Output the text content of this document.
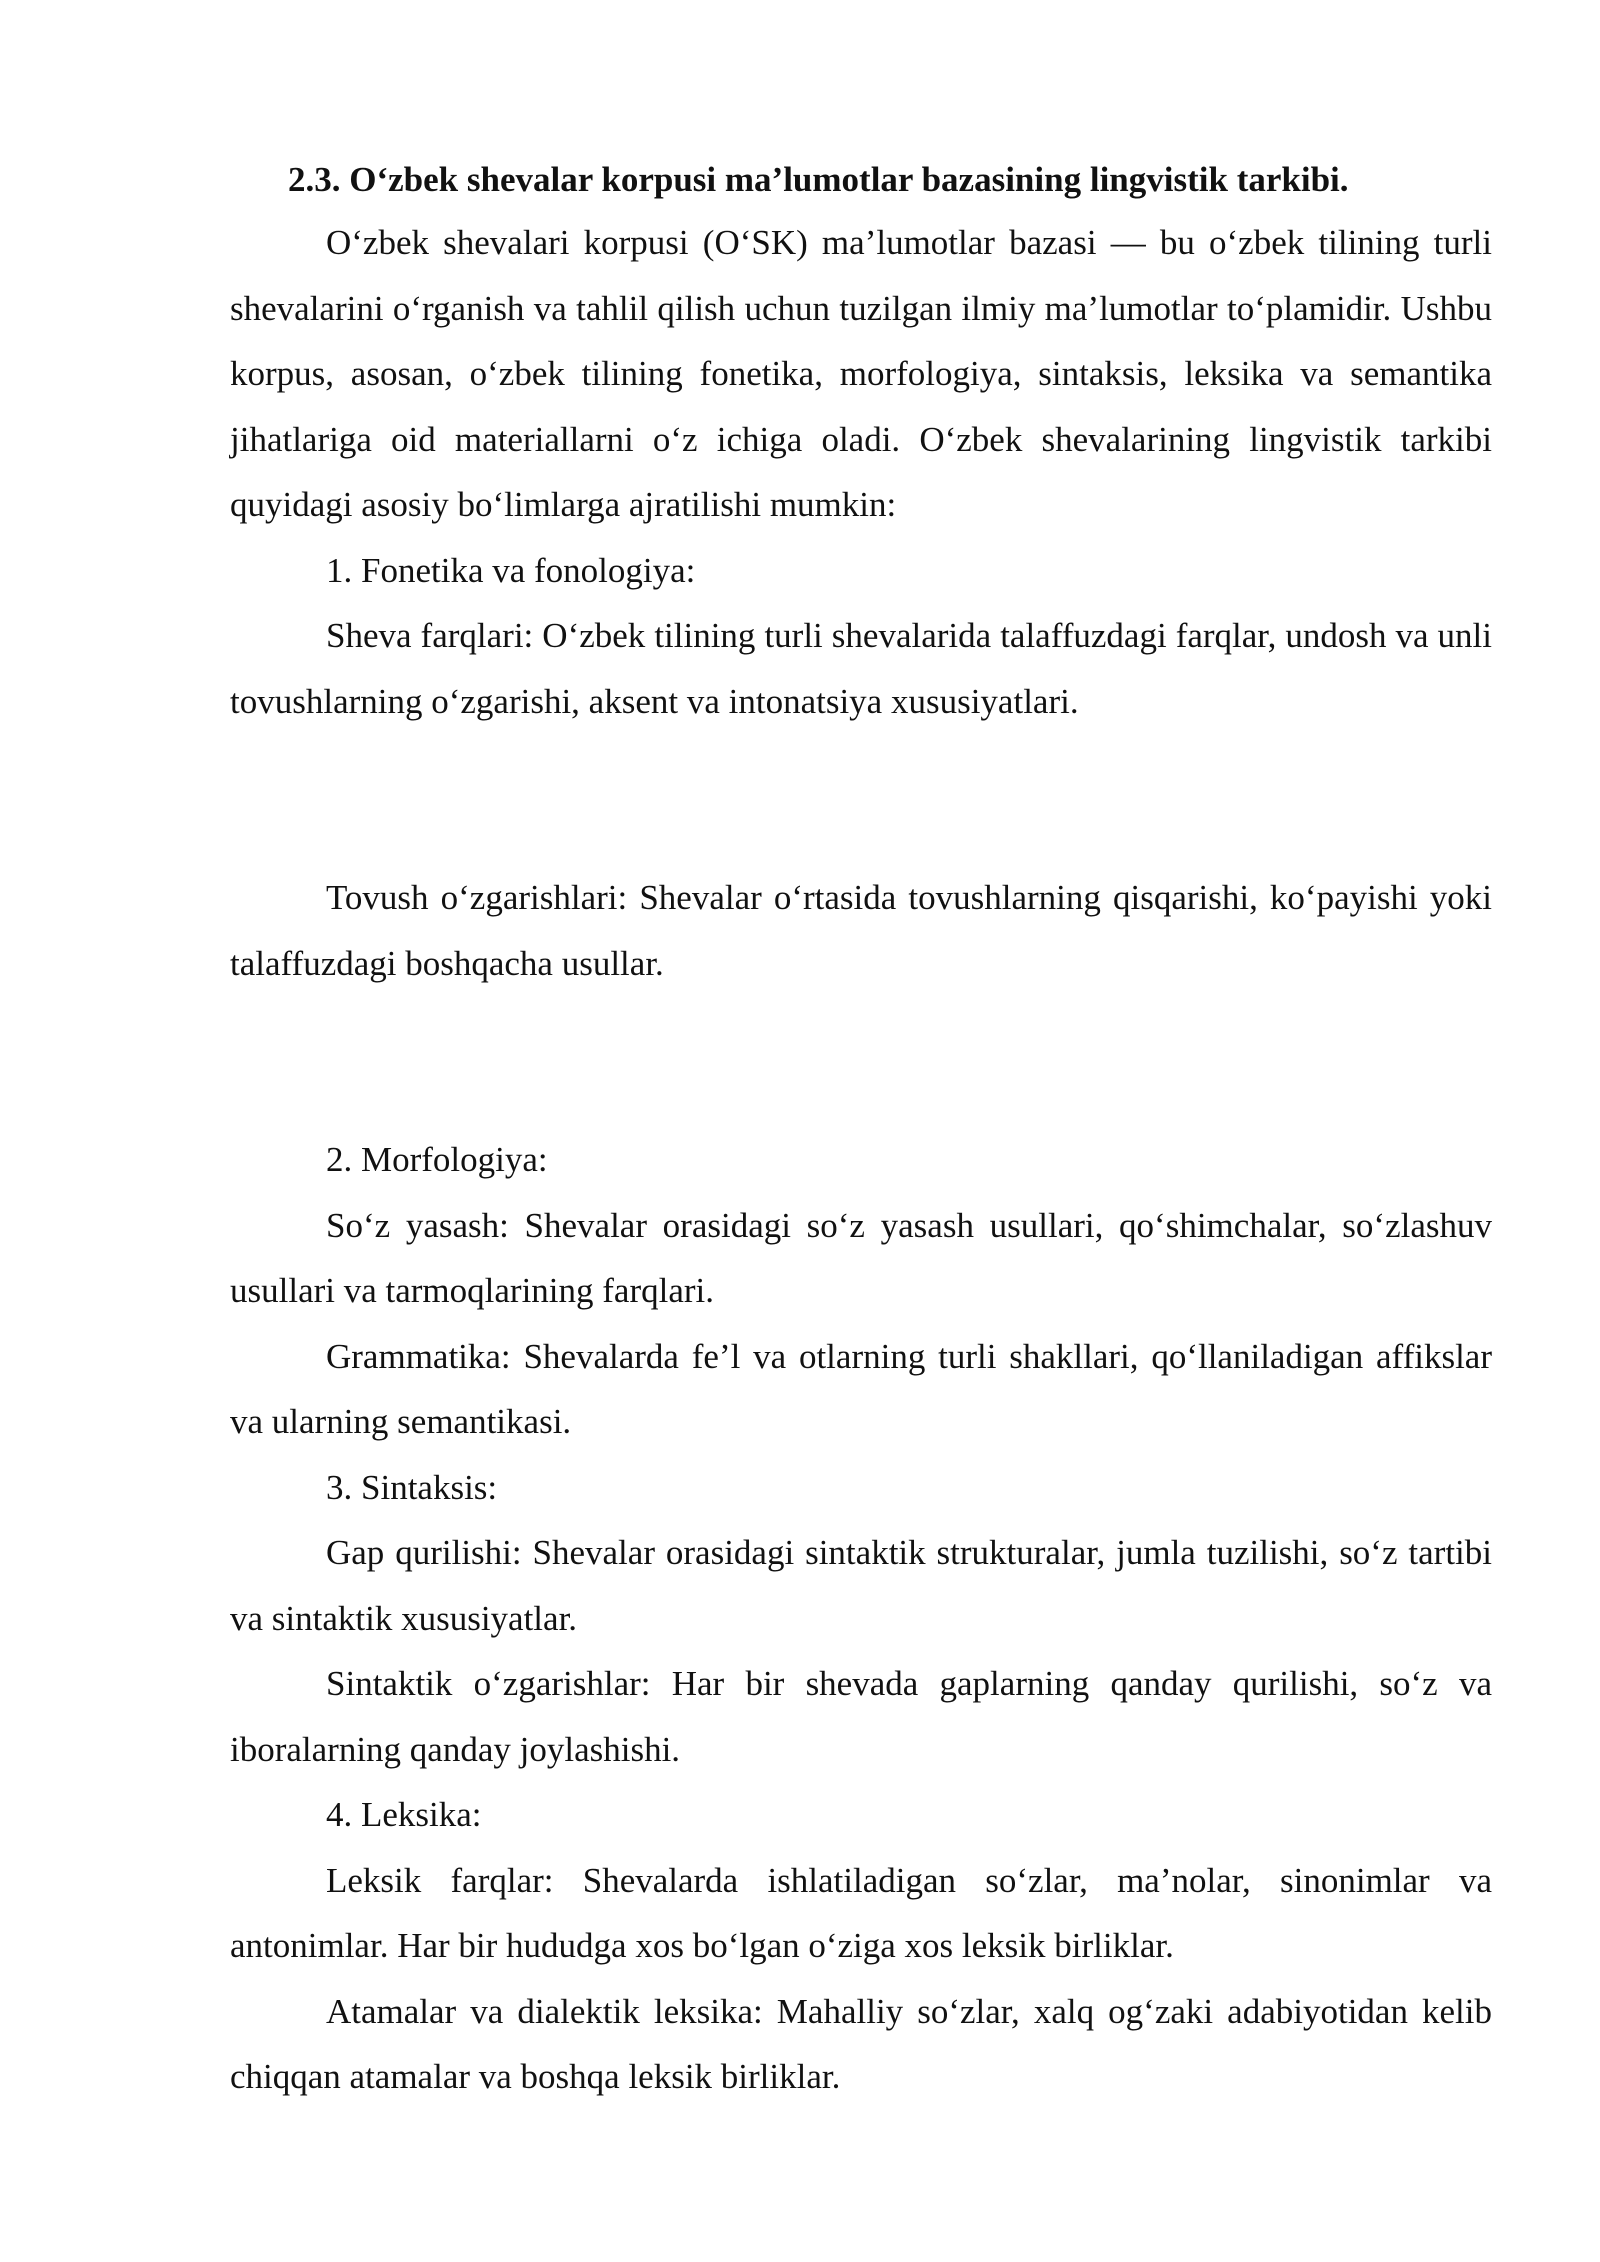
2.3. O‘zbek shevalar korpusi ma’lumotlar bazasining lingvistik tarkibi.

O‘zbek shevalari korpusi (O‘SK) ma’lumotlar bazasi — bu o‘zbek tilining turli shevalarini o‘rganish va tahlil qilish uchun tuzilgan ilmiy ma’lumotlar to‘plamidir. Ushbu korpus, asosan, o‘zbek tilining fonetika, morfologiya, sintaksis, leksika va semantika jihatlariga oid materiallarni o‘z ichiga oladi. O‘zbek shevalarining lingvistik tarkibi quyidagi asosiy bo‘limlarga ajratilishi mumkin:

1. Fonetika va fonologiya:

Sheva farqlari: O‘zbek tilining turli shevalarida talaffuzdagi farqlar, undosh va unli tovushlarning o‘zgarishi, aksent va intonatsiya xususiyatlari.

Tovush o‘zgarishlari: Shevalar o‘rtasida tovushlarning qisqarishi, ko‘payishi yoki talaffuzdagi boshqacha usullar.

2. Morfologiya:

So‘z yasash: Shevalar orasidagi so‘z yasash usullari, qo‘shimchalar, so‘zlashuv usullari va tarmoqlarining farqlari.

Grammatika: Shevalarda fe’l va otlarning turli shakllari, qo‘llaniladigan affikslar va ularning semantikasi.

3. Sintaksis:

Gap qurilishi: Shevalar orasidagi sintaktik strukturalar, jumla tuzilishi, so‘z tartibi va sintaktik xususiyatlar.

Sintaktik o‘zgarishlar: Har bir shevada gaplarning qanday qurilishi, so‘z va iboralarning qanday joylashishi.

4. Leksika:

Leksik farqlar: Shevalarda ishlatiladigan so‘zlar, ma’nolar, sinonimlar va antonimlar. Har bir hududga xos bo‘lgan o‘ziga xos leksik birliklar.

Atamalar va dialektik leksika: Mahalliy so‘zlar, xalq og‘zaki adabiyotidan kelib chiqqan atamalar va boshqa leksik birliklar.
